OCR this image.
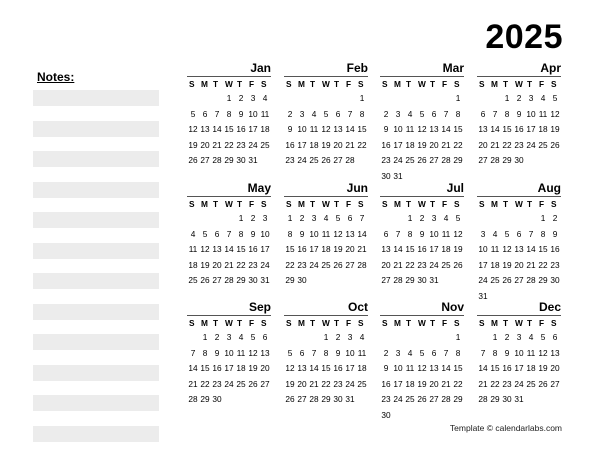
2025
Notes:
Jan
S M T W T F S
1 2 3 4
5 6 7 8 9 10 11
12 13 14 15 16 17 18
19 20 21 22 23 24 25
26 27 28 29 30 31
Feb
S M T W T F S
1
2 3 4 5 6 7 8
9 10 11 12 13 14 15
16 17 18 19 20 21 22
23 24 25 26 27 28
Mar
S M T W T F S
1
2 3 4 5 6 7 8
9 10 11 12 13 14 15
16 17 18 19 20 21 22
23 24 25 26 27 28 29
30 31
Apr
S M T W T F S
1 2 3 4 5
6 7 8 9 10 11 12
13 14 15 16 17 18 19
20 21 22 23 24 25 26
27 28 29 30
May
S M T W T F S
1 2 3
4 5 6 7 8 9 10
11 12 13 14 15 16 17
18 19 20 21 22 23 24
25 26 27 28 29 30 31
Jun
S M T W T F S
1 2 3 4 5 6 7
8 9 10 11 12 13 14
15 16 17 18 19 20 21
22 23 24 25 26 27 28
29 30
Jul
S M T W T F S
1 2 3 4 5
6 7 8 9 10 11 12
13 14 15 16 17 18 19
20 21 22 23 24 25 26
27 28 29 30 31
Aug
S M T W T F S
1 2
3 4 5 6 7 8 9
10 11 12 13 14 15 16
17 18 19 20 21 22 23
24 25 26 27 28 29 30
31
Sep
S M T W T F S
1 2 3 4 5 6
7 8 9 10 11 12 13
14 15 16 17 18 19 20
21 22 23 24 25 26 27
28 29 30
Oct
S M T W T F S
1 2 3 4
5 6 7 8 9 10 11
12 13 14 15 16 17 18
19 20 21 22 23 24 25
26 27 28 29 30 31
Nov
S M T W T F S
1
2 3 4 5 6 7 8
9 10 11 12 13 14 15
16 17 18 19 20 21 22
23 24 25 26 27 28 29
30
Dec
S M T W T F S
1 2 3 4 5 6
7 8 9 10 11 12 13
14 15 16 17 18 19 20
21 22 23 24 25 26 27
28 29 30 31
Template © calendarlabs.com
